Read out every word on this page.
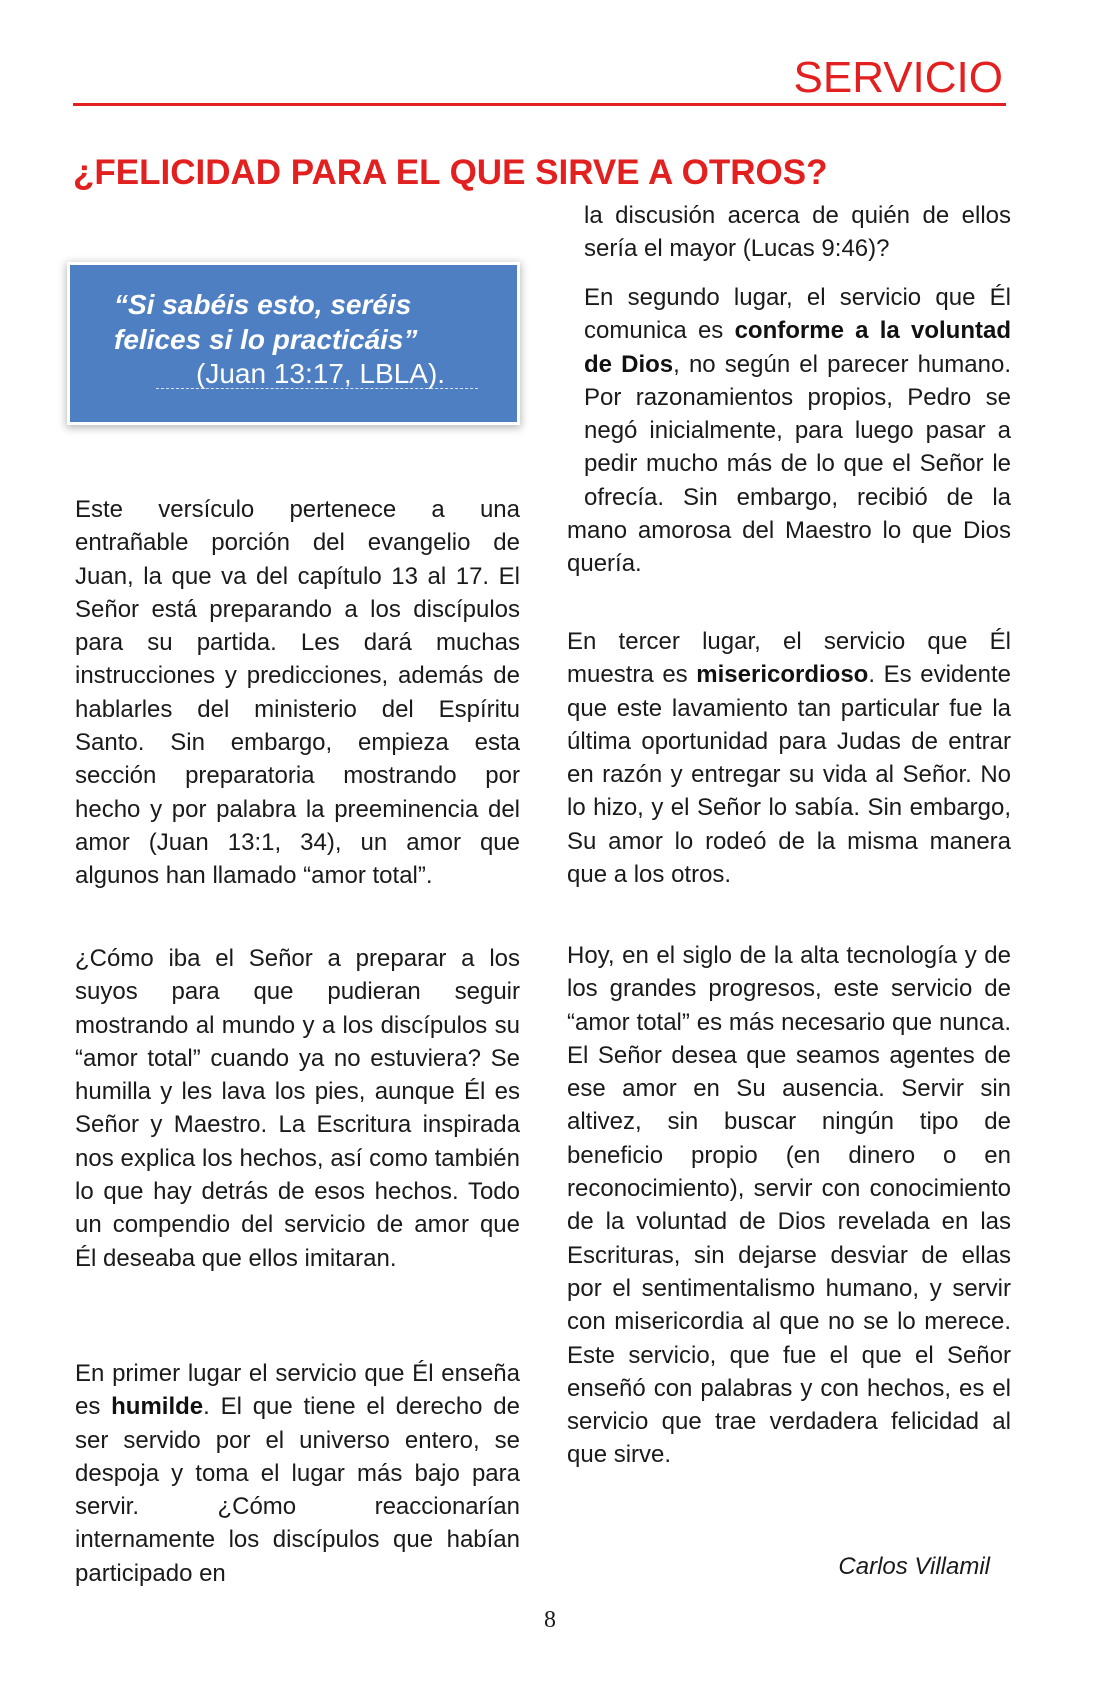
SERVICIO
¿FELICIDAD PARA EL QUE SIRVE A OTROS?
“Si sabéis esto, seréis felices si lo practicáis”
(Juan 13:17, LBLA).

Este versículo pertenece a una entrañable porción del evangelio de Juan, la que va del capítulo 13 al 17. El Señor está preparando a los discípulos para su partida. Les dará muchas instrucciones y predicciones, además de hablarles del ministerio del Espíritu Santo. Sin embargo, empieza esta sección preparatoria mostrando por hecho y por palabra la preeminencia del amor (Juan 13:1, 34), un amor que algunos han llamado “amor total”.

¿Cómo iba el Señor a preparar a los suyos para que pudieran seguir mostrando al mundo y a los discípulos su “amor total” cuando ya no estuviera? Se humilla y les lava los pies, aunque Él es Señor y Maestro. La Escritura inspirada nos explica los hechos, así como también lo que hay detrás de esos hechos. Todo un compendio del servicio de amor que Él deseaba que ellos imitaran.

En primer lugar el servicio que Él enseña es humilde. El que tiene el derecho de ser servido por el universo entero, se despoja y toma el lugar más bajo para servir. ¿Cómo reaccionarían internamente los discípulos que habían participado en

la discusión acerca de quién de ellos sería el mayor (Lucas 9:46)?

En segundo lugar, el servicio que Él comunica es conforme a la voluntad de Dios, no según el parecer humano. Por razonamientos propios, Pedro se negó inicialmente, para luego pasar a pedir mucho más de lo que el Señor le ofrecía. Sin embargo, recibió de la mano amorosa del Maestro lo que Dios quería.

En tercer lugar, el servicio que Él muestra es misericordioso. Es evidente que este lavamiento tan particular fue la última oportunidad para Judas de entrar en razón y entregar su vida al Señor. No lo hizo, y el Señor lo sabía. Sin embargo, Su amor lo rodeó de la misma manera que a los otros.

Hoy, en el siglo de la alta tecnología y de los grandes progresos, este servicio de “amor total” es más necesario que nunca. El Señor desea que seamos agentes de ese amor en Su ausencia. Servir sin altivez, sin buscar ningún tipo de beneficio propio (en dinero o en reconocimiento), servir con conocimiento de la voluntad de Dios revelada en las Escrituras, sin dejarse desviar de ellas por el sentimentalismo humano, y servir con misericordia al que no se lo merece. Este servicio, que fue el que el Señor enseñó con palabras y con hechos, es el servicio que trae verdadera felicidad al que sirve.

Carlos Villamil
8
